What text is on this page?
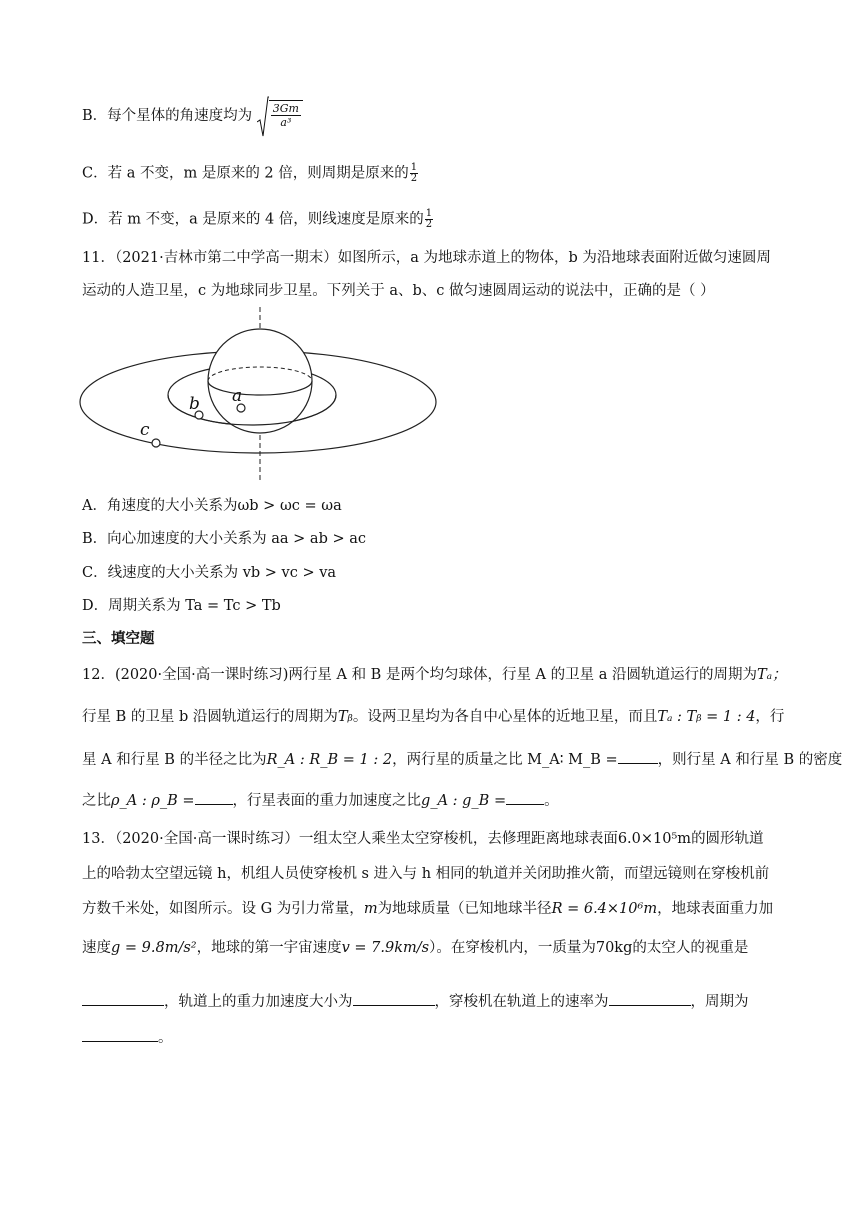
B．每个星体的角速度均为 $\frac{3Gm}{\text{a³}}$
C．若 a 不变，m 是原来的 2 倍，则周期是原来的 $\frac{1}{2}$
D．若 m 不变，a 是原来的 4 倍，则线速度是原来的 $\frac{1}{2}$
11．（2021·吉林市第二中学高一期末）如图所示，a 为地球赤道上的物体，b 为沿地球表面附近做匀速圆周
运动的人造卫星，c 为地球同步卫星。下列关于 a、b、c 做匀速圆周运动的说法中，正确的是（ ）
a
b
c
A．角速度的大小关系为ωb > ωc = ωa
B．向心加速度的大小关系为 aa > ab > ac
C．线速度的大小关系为 vb > vc > va
D．周期关系为 Ta = Tc > Tb
三、填空题
12．(2020·全国·高一课时练习)两行星 A 和 B 是两个均匀球体，行星 A 的卫星 a 沿圆轨道运行的周期为Tₐ；
行星 B 的卫星 b 沿圆轨道运行的周期为Tᵦ。设两卫星均为各自中心星体的近地卫星，而且Tₐ : Tᵦ = 1 : 4，行
星 A 和行星 B 的半径之比为R_A : R_B = 1 : 2，两行星的质量之比 M_A∶ M_B =	，则行星 A 和行星 B 的密度
之比ρ_A : ρ_B =	，行星表面的重力加速度之比g_A : g_B =	。
13．（2020·全国·高一课时练习）一组太空人乘坐太空穿梭机，去修理距离地球表面6.0×10⁵m的圆形轨道
上的哈勃太空望远镜 h，机组人员使穿梭机 s 进入与 h 相同的轨道并关闭助推火箭，而望远镜则在穿梭机前
方数千米处，如图所示。设 G 为引力常量，m为地球质量（已知地球半径R = 6.4×10⁶m，地球表面重力加
速度g = 9.8m/s²，地球的第一宇宙速度v = 7.9km/s）。在穿梭机内，一质量为70kg的太空人的视重是
，轨道上的重力加速度大小为	，穿梭机在轨道上的速率为	，周期为
。
